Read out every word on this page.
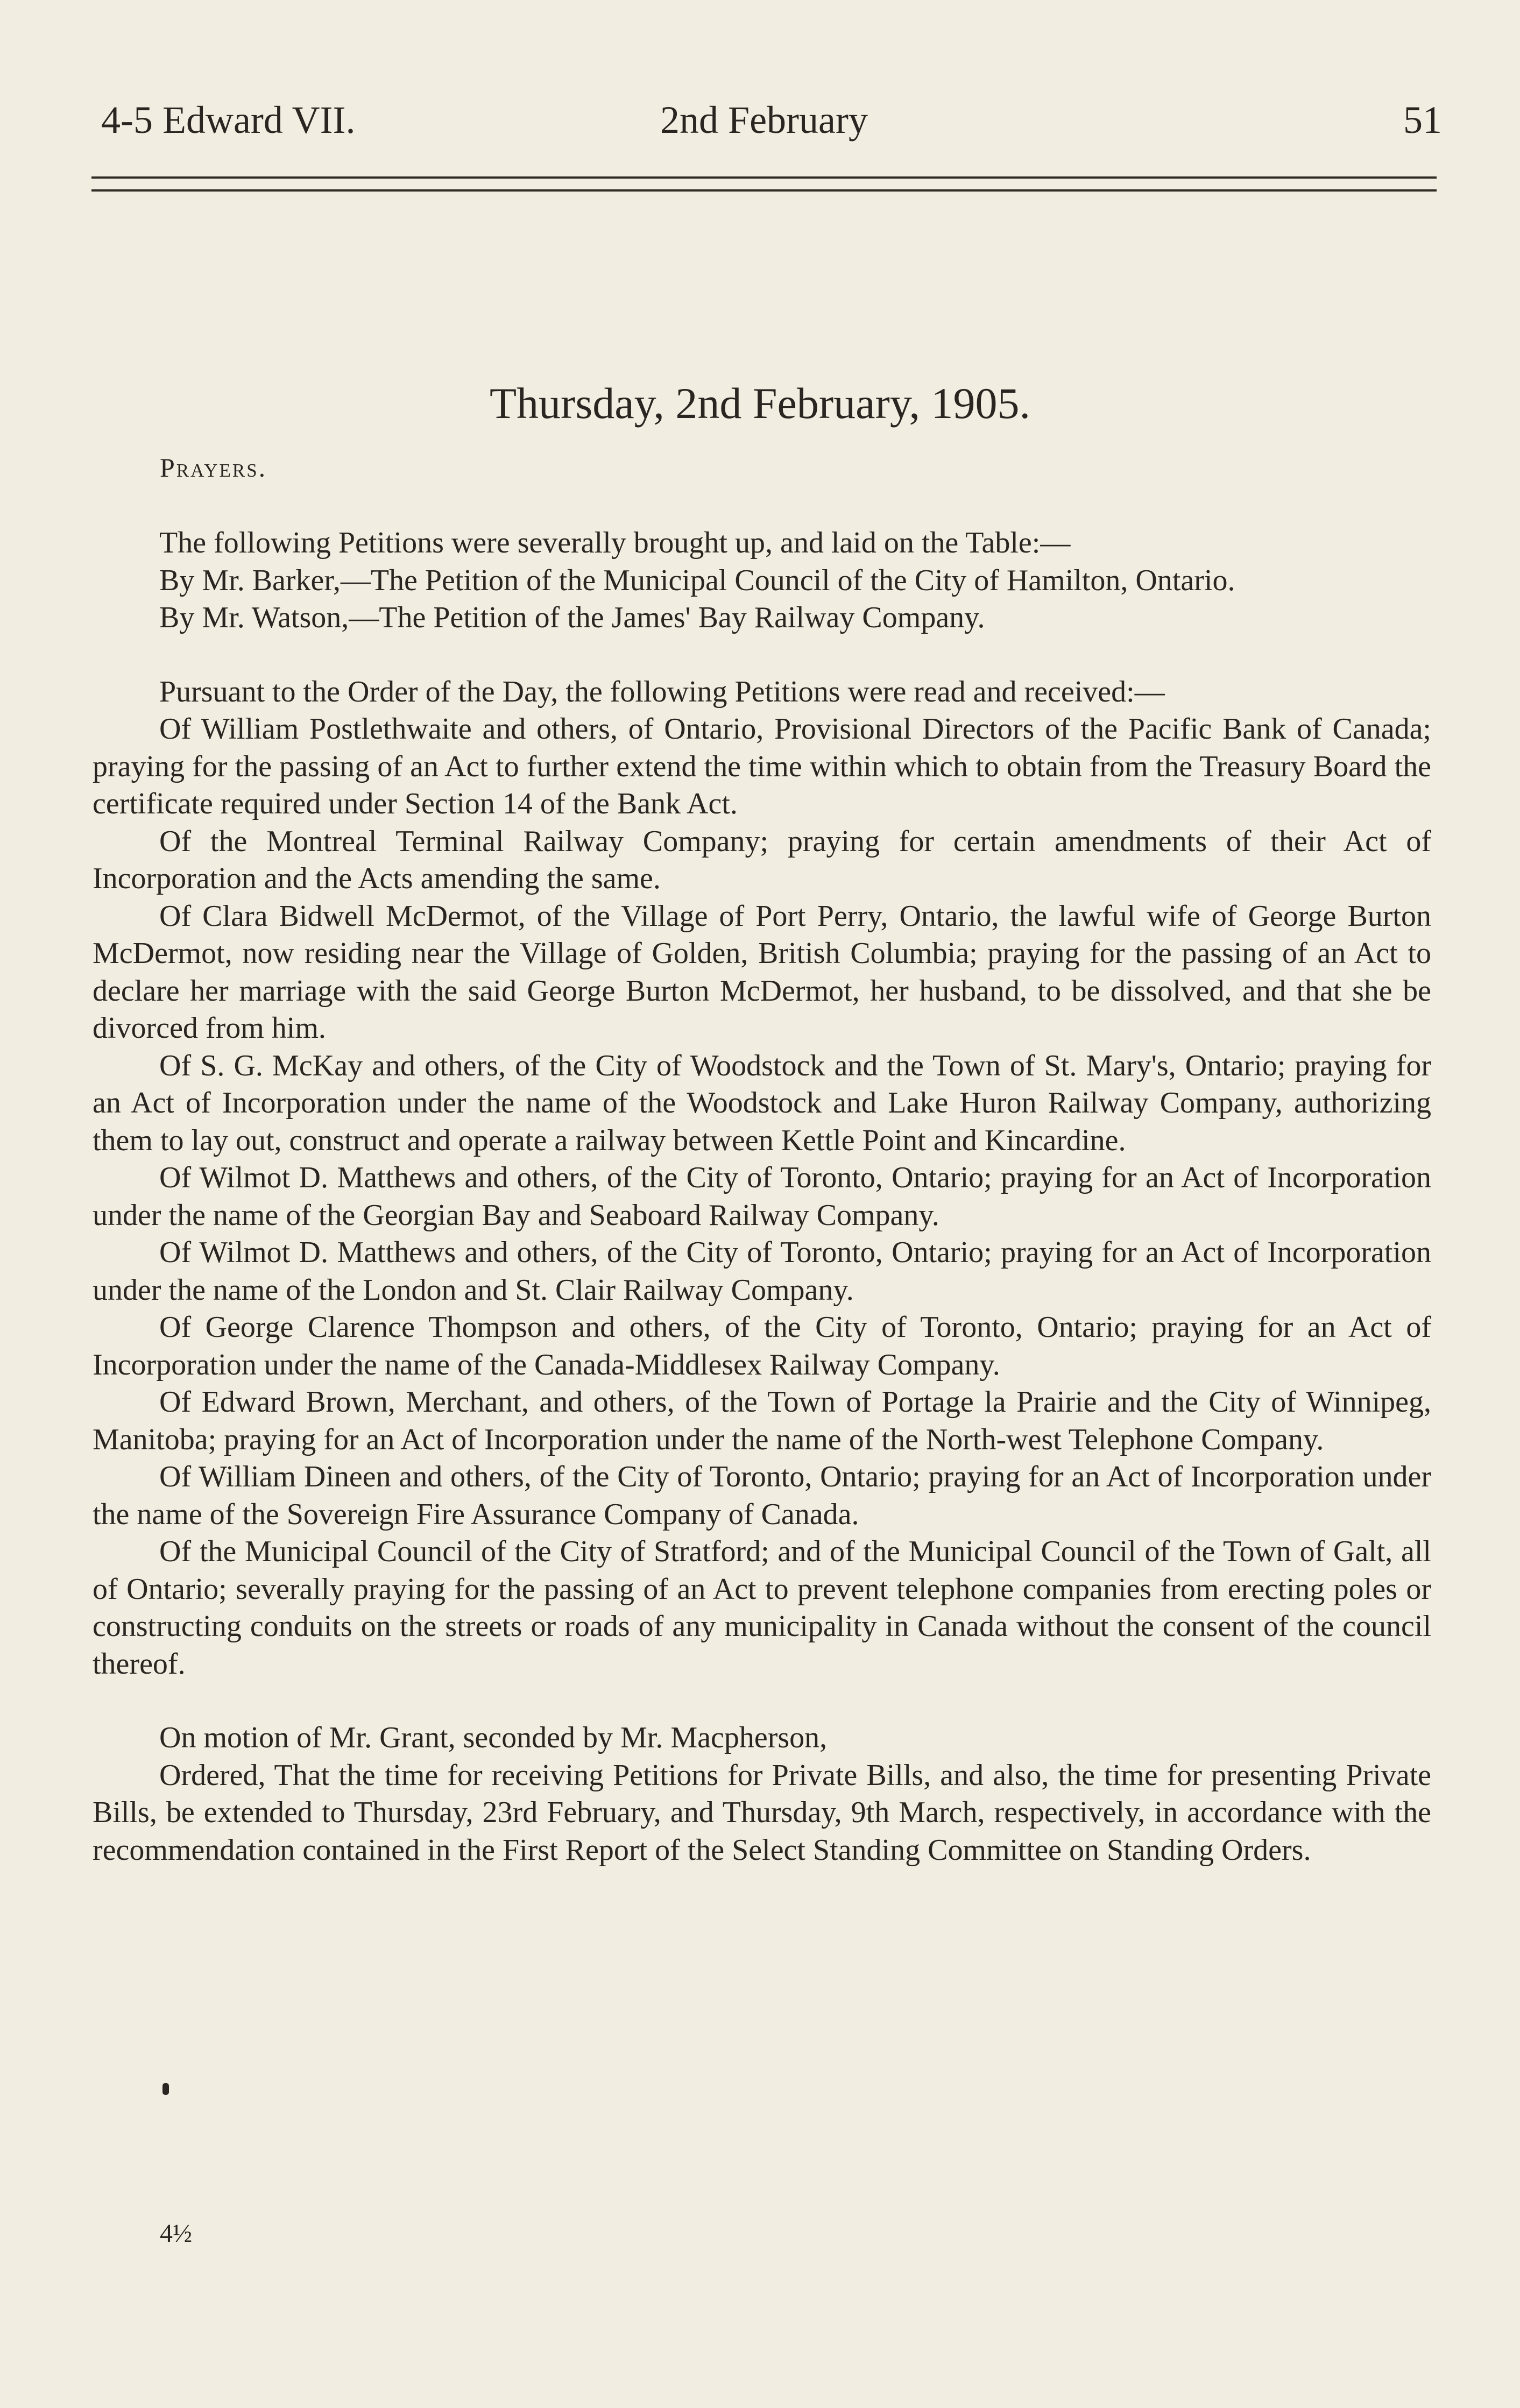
4-5 Edward VII.	2nd February	51
Thursday, 2nd February, 1905.
Prayers.

The following Petitions were severally brought up, and laid on the Table:—

By Mr. Barker,—The Petition of the Municipal Council of the City of Hamilton, Ontario.

By Mr. Watson,—The Petition of the James' Bay Railway Company.

Pursuant to the Order of the Day, the following Petitions were read and received:—

Of William Postlethwaite and others, of Ontario, Provisional Directors of the Pacific Bank of Canada; praying for the passing of an Act to further extend the time within which to obtain from the Treasury Board the certificate required under Section 14 of the Bank Act.

Of the Montreal Terminal Railway Company; praying for certain amendments of their Act of Incorporation and the Acts amending the same.

Of Clara Bidwell McDermot, of the Village of Port Perry, Ontario, the lawful wife of George Burton McDermot, now residing near the Village of Golden, British Columbia; praying for the passing of an Act to declare her marriage with the said George Burton McDermot, her husband, to be dissolved, and that she be divorced from him.

Of S. G. McKay and others, of the City of Woodstock and the Town of St. Mary's, Ontario; praying for an Act of Incorporation under the name of the Woodstock and Lake Huron Railway Company, authorizing them to lay out, construct and operate a railway between Kettle Point and Kincardine.

Of Wilmot D. Matthews and others, of the City of Toronto, Ontario; praying for an Act of Incorporation under the name of the Georgian Bay and Seaboard Railway Company.

Of Wilmot D. Matthews and others, of the City of Toronto, Ontario; praying for an Act of Incorporation under the name of the London and St. Clair Railway Company.

Of George Clarence Thompson and others, of the City of Toronto, Ontario; praying for an Act of Incorporation under the name of the Canada-Middlesex Railway Company.

Of Edward Brown, Merchant, and others, of the Town of Portage la Prairie and the City of Winnipeg, Manitoba; praying for an Act of Incorporation under the name of the North-west Telephone Company.

Of William Dineen and others, of the City of Toronto, Ontario; praying for an Act of Incorporation under the name of the Sovereign Fire Assurance Company of Canada.

Of the Municipal Council of the City of Stratford; and of the Municipal Council of the Town of Galt, all of Ontario; severally praying for the passing of an Act to prevent telephone companies from erecting poles or constructing conduits on the streets or roads of any municipality in Canada without the consent of the council thereof.

On motion of Mr. Grant, seconded by Mr. Macpherson,

Ordered, That the time for receiving Petitions for Private Bills, and also, the time for presenting Private Bills, be extended to Thursday, 23rd February, and Thursday, 9th March, respectively, in accordance with the recommendation contained in the First Report of the Select Standing Committee on Standing Orders.

4½
